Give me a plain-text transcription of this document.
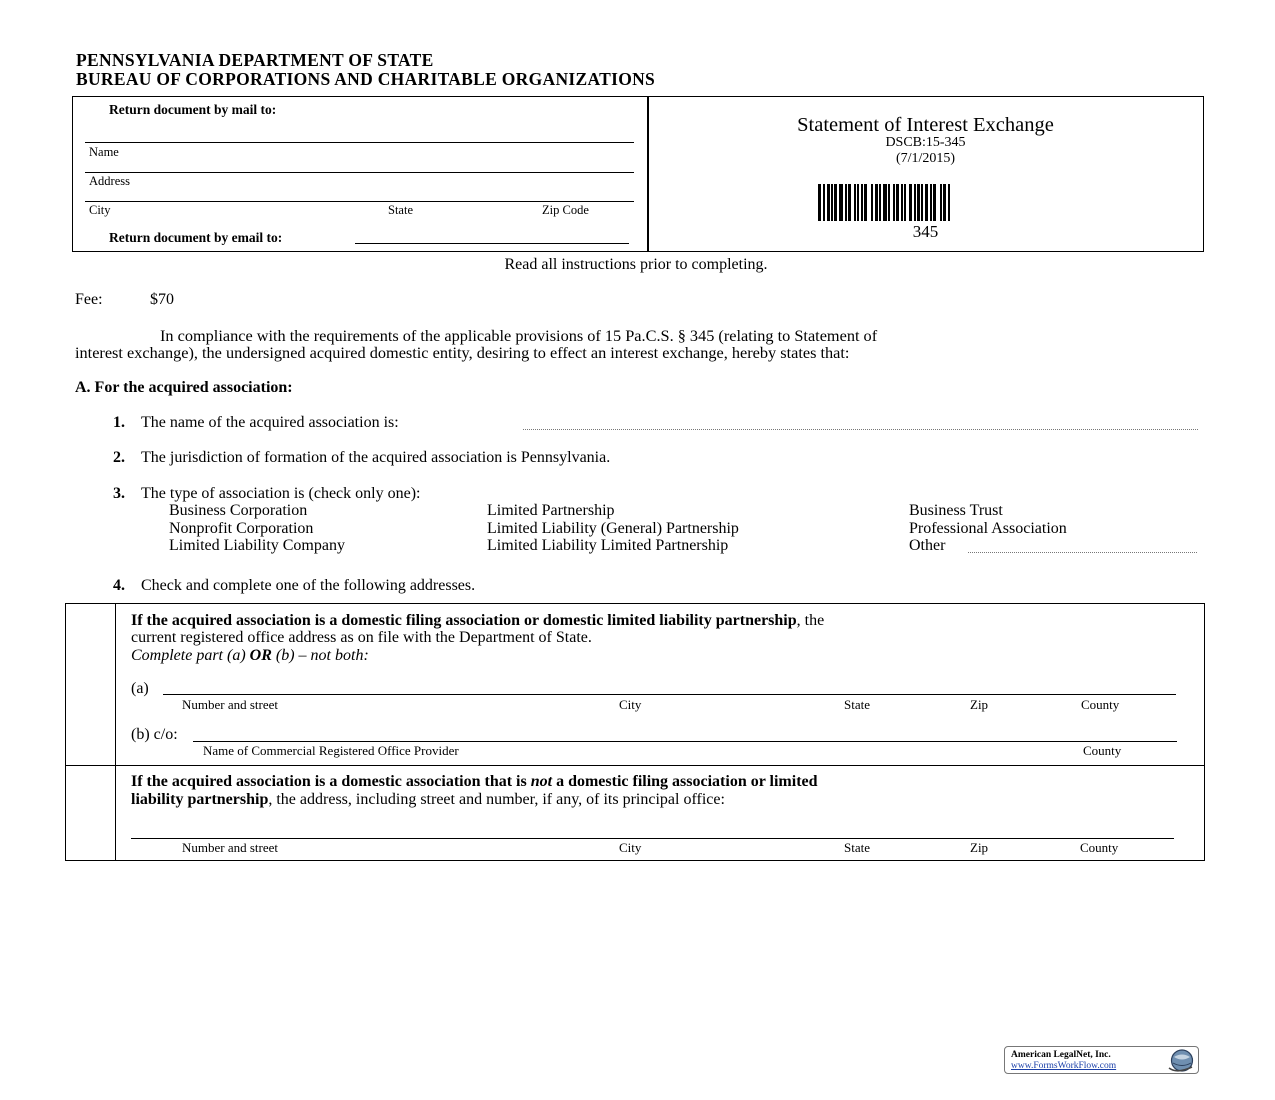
PENNSYLVANIA DEPARTMENT OF STATE
BUREAU OF CORPORATIONS AND CHARITABLE ORGANIZATIONS
Return document by mail to:
Name
Address
City	State	Zip Code
Return document by email to:
Statement of Interest Exchange
DSCB:15-345
(7/1/2015)
345
Read all instructions prior to completing.
Fee:	$70
In compliance with the requirements of the applicable provisions of 15 Pa.C.S. § 345 (relating to Statement of
interest exchange), the undersigned acquired domestic entity, desiring to effect an interest exchange, hereby states that:
A. For the acquired association:
1. The name of the acquired association is:
2. The jurisdiction of formation of the acquired association is Pennsylvania.
3. The type of association is (check only one):
Business Corporation	Limited Partnership	Business Trust
Nonprofit Corporation	Limited Liability (General) Partnership	Professional Association
Limited Liability Company	Limited Liability Limited Partnership	Other
4. Check and complete one of the following addresses.
If the acquired association is a domestic filing association or domestic limited liability partnership, the
current registered office address as on file with the Department of State.
Complete part (a) OR (b) – not both:
(a)
Number and street	City	State	Zip	County
(b) c/o:
Name of Commercial Registered Office Provider	County
If the acquired association is a domestic association that is not a domestic filing association or limited
liability partnership, the address, including street and number, if any, of its principal office:
Number and street	City	State	Zip	County
American LegalNet, Inc.
www.FormsWorkFlow.com
